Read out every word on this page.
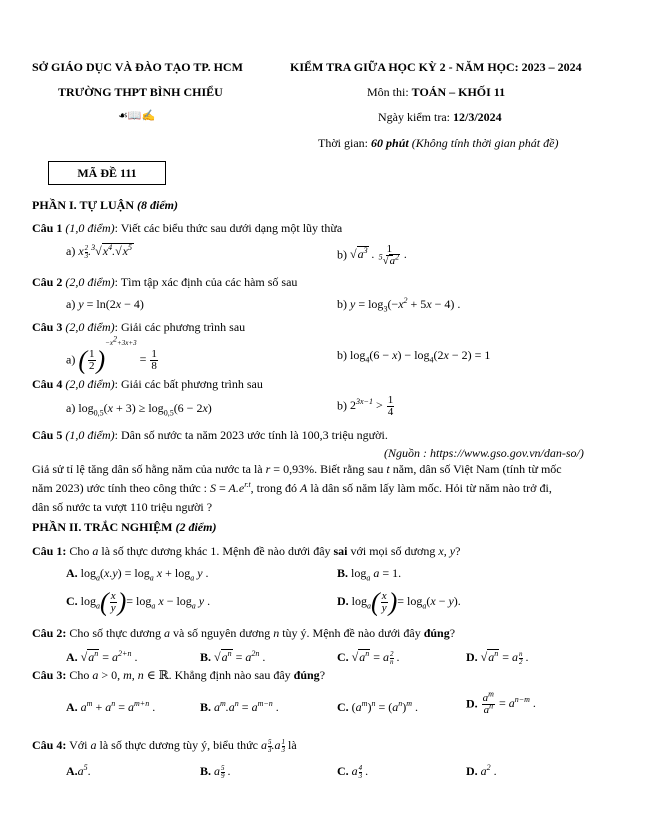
SỞ GIÁO DỤC VÀ ĐÀO TẠO TP. HCM
TRƯỜNG THPT BÌNH CHIỂU
☙📖✍
KIỂM TRA GIỮA HỌC KỲ 2 - NĂM HỌC: 2023 – 2024
Môn thi: TOÁN – KHỐI 11
Ngày kiểm tra: 12/3/2024
Thời gian: 60 phút (Không tính thời gian phát đề)
MÃ ĐỀ 111
PHẦN I. TỰ LUẬN (8 điểm)
Câu 1 (1,0 điểm): Viết các biểu thức sau dưới dạng một lũy thừa
a) x $\frac{2}{3} .^3√x^4.√x^5$	b) $√a^3$ . $\frac{1}{^5√a^2}$ .
Câu 2 (2,0 điểm): Tìm tập xác định của các hàm số sau
a) y = ln(2x − 4)	b) $y = \log_3(-x^2 + 5x - 4)$ .
Câu 3 (2,0 điểm): Giải các phương trình sau
a) ( $\frac{1}{2} )^{-x^2+3x+3} = \frac{1}{8}$	b) $\log_4(6 - x) - \log_4(2x - 2) = 1$
Câu 4 (2,0 điểm): Giải các bất phương trình sau
a) $\log_{0,5}(x + 3) \ge \log_{0,5}(6 - 2x)$	b) $2^{3x-1} > \frac{1}{4}$
Câu 5 (1,0 điểm): Dân số nước ta năm 2023 ước tính là 100,3 triệu người.
(Nguồn : https://www.gso.gov.vn/dan-so/)
Giả sử tỉ lệ tăng dân số hằng năm của nước ta là r = 0,93%. Biết rằng sau t năm, dân số Việt Nam (tính từ mốc
năm 2023) ước tính theo công thức : $S = A.e^{r.t}$, trong đó A là dân số năm lấy làm mốc. Hỏi từ năm nào trở đi,
dân số nước ta vượt 110 triệu người ?
PHẦN II. TRẮC NGHIỆM (2 điểm)
Câu 1: Cho a là số thực dương khác 1. Mệnh đề nào dưới đây sai với mọi số dương x, y?
A. $\log_a(x.y) = \log_a x + \log_a y$ .	B. $\log_a a = 1$.
C. $\log_a( \frac{x}{y}$ )= $\log_a x - \log_a y$ .	D. $\log_a( \frac{x}{y}$ )= $\log_a(x - y)$.
Câu 2: Cho số thực dương a và số nguyên dương n tùy ý. Mệnh đề nào dưới đây đúng?
A. $√a^n = a^{2+n}$ .	B. $√a^n = a^{2n}$ .	C. $√a^n = a \frac{2}{n}$ .	D. $√a^n = a \frac{n}{2}$ .
Câu 3: Cho a > 0, m, n ∈ ℝ. Khẳng định nào sau đây đúng?
A. $a^m + a^n = a^{m+n}$ .	B. $a^m.a^n = a^{m-n}$ .	C. $(a^m)^n = (a^n)^m$ .	D. $\frac{a^m}{a^n} = a^{n-m}$ .
Câu 4: Với a là số thực dương tùy ý, biểu thức a $\frac{5}{3} .a \frac{1}{3}$ là
$A.a^5$.	B. a $\frac{5}{9}$ .	C. a $\frac{4}{3}$ .	D. $a^2$ .
